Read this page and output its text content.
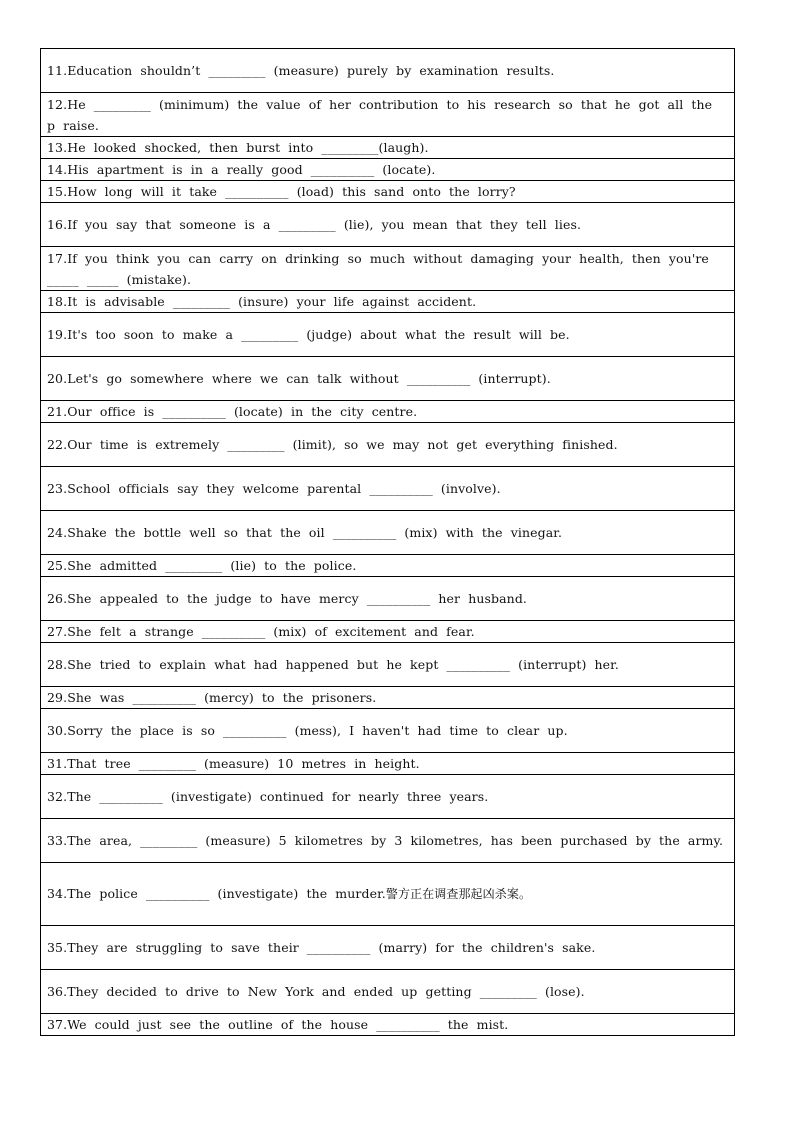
11.Education shouldn’t _________ (measure) purely by examination results.
12.He _________ (minimum) the value of her contribution to his research so that he got all the p raise.
13.He looked shocked, then burst into _________(laugh).
14.His apartment is in a really good __________ (locate).
15.How long will it take __________ (load) this sand onto the lorry?
16.If you say that someone is a _________ (lie), you mean that they tell lies.
17.If you think you can carry on drinking so much without damaging your health, then you're _____ _____ (mistake).
18.It is advisable _________ (insure) your life against accident.
19.It's too soon to make a _________ (judge) about what the result will be.
20.Let's go somewhere where we can talk without __________ (interrupt).
21.Our office is __________ (locate) in the city centre.
22.Our time is extremely _________ (limit), so we may not get everything finished.
23.School officials say they welcome parental __________ (involve).
24.Shake the bottle well so that the oil __________ (mix) with the vinegar.
25.She admitted _________ (lie) to the police.
26.She appealed to the judge to have mercy __________ her husband.
27.She felt a strange __________ (mix) of excitement and fear.
28.She tried to explain what had happened but he kept __________ (interrupt) her.
29.She was __________ (mercy) to the prisoners.
30.Sorry the place is so __________ (mess), I haven't had time to clear up.
31.That tree _________ (measure) 10 metres in height.
32.The __________ (investigate) continued for nearly three years.
33.The area, _________ (measure) 5 kilometres by 3 kilometres, has been purchased by the army.
34.The police __________ (investigate) the murder.警方正在调查那起凶杀案。
35.They are struggling to save their __________ (marry) for the children's sake.
36.They decided to drive to New York and ended up getting _________ (lose).
37.We could just see the outline of the house __________ the mist.
